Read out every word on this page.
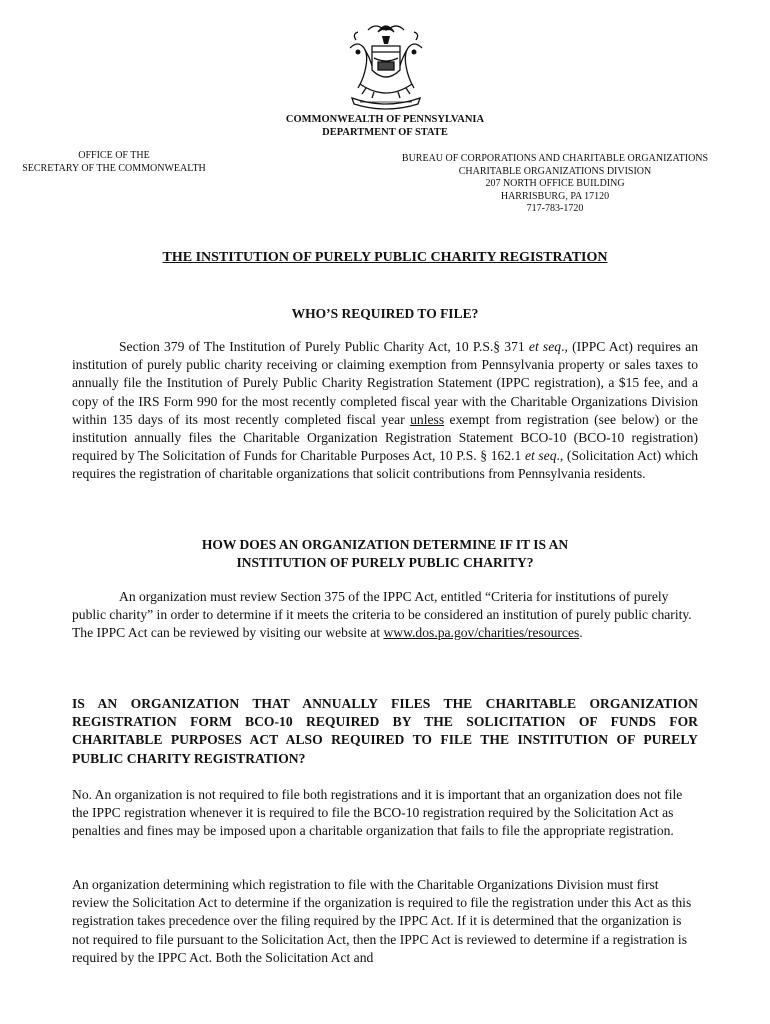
COMMONWEALTH OF PENNSYLVANIA
DEPARTMENT OF STATE
OFFICE OF THE
SECRETARY OF THE COMMONWEALTH
BUREAU OF CORPORATIONS AND CHARITABLE ORGANIZATIONS
CHARITABLE ORGANIZATIONS DIVISION
207 NORTH OFFICE BUILDING
HARRISBURG, PA 17120
717-783-1720
THE INSTITUTION OF PURELY PUBLIC CHARITY REGISTRATION
WHO’S REQUIRED TO FILE?

Section 379 of The Institution of Purely Public Charity Act, 10 P.S.§ 371 et seq., (IPPC Act) requires an institution of purely public charity receiving or claiming exemption from Pennsylvania property or sales taxes to annually file the Institution of Purely Public Charity Registration Statement (IPPC registration), a $15 fee, and a copy of the IRS Form 990 for the most recently completed fiscal year with the Charitable Organizations Division within 135 days of its most recently completed fiscal year unless exempt from registration (see below) or the institution annually files the Charitable Organization Registration Statement BCO-10 (BCO-10 registration) required by The Solicitation of Funds for Charitable Purposes Act, 10 P.S. § 162.1 et seq., (Solicitation Act) which requires the registration of charitable organizations that solicit contributions from Pennsylvania residents.

HOW DOES AN ORGANIZATION DETERMINE IF IT IS AN
INSTITUTION OF PURELY PUBLIC CHARITY?

An organization must review Section 375 of the IPPC Act, entitled “Criteria for institutions of purely public charity” in order to determine if it meets the criteria to be considered an institution of purely public charity. The IPPC Act can be reviewed by visiting our website at www.dos.pa.gov/charities/resources.

IS AN ORGANIZATION THAT ANNUALLY FILES THE CHARITABLE ORGANIZATION REGISTRATION FORM BCO-10 REQUIRED BY THE SOLICITATION OF FUNDS FOR CHARITABLE PURPOSES ACT ALSO REQUIRED TO FILE THE INSTITUTION OF PURELY PUBLIC CHARITY REGISTRATION?

No. An organization is not required to file both registrations and it is important that an organization does not file the IPPC registration whenever it is required to file the BCO-10 registration required by the Solicitation Act as penalties and fines may be imposed upon a charitable organization that fails to file the appropriate registration.

An organization determining which registration to file with the Charitable Organizations Division must first review the Solicitation Act to determine if the organization is required to file the registration under this Act as this registration takes precedence over the filing required by the IPPC Act. If it is determined that the organization is not required to file pursuant to the Solicitation Act, then the IPPC Act is reviewed to determine if a registration is required by the IPPC Act. Both the Solicitation Act and
